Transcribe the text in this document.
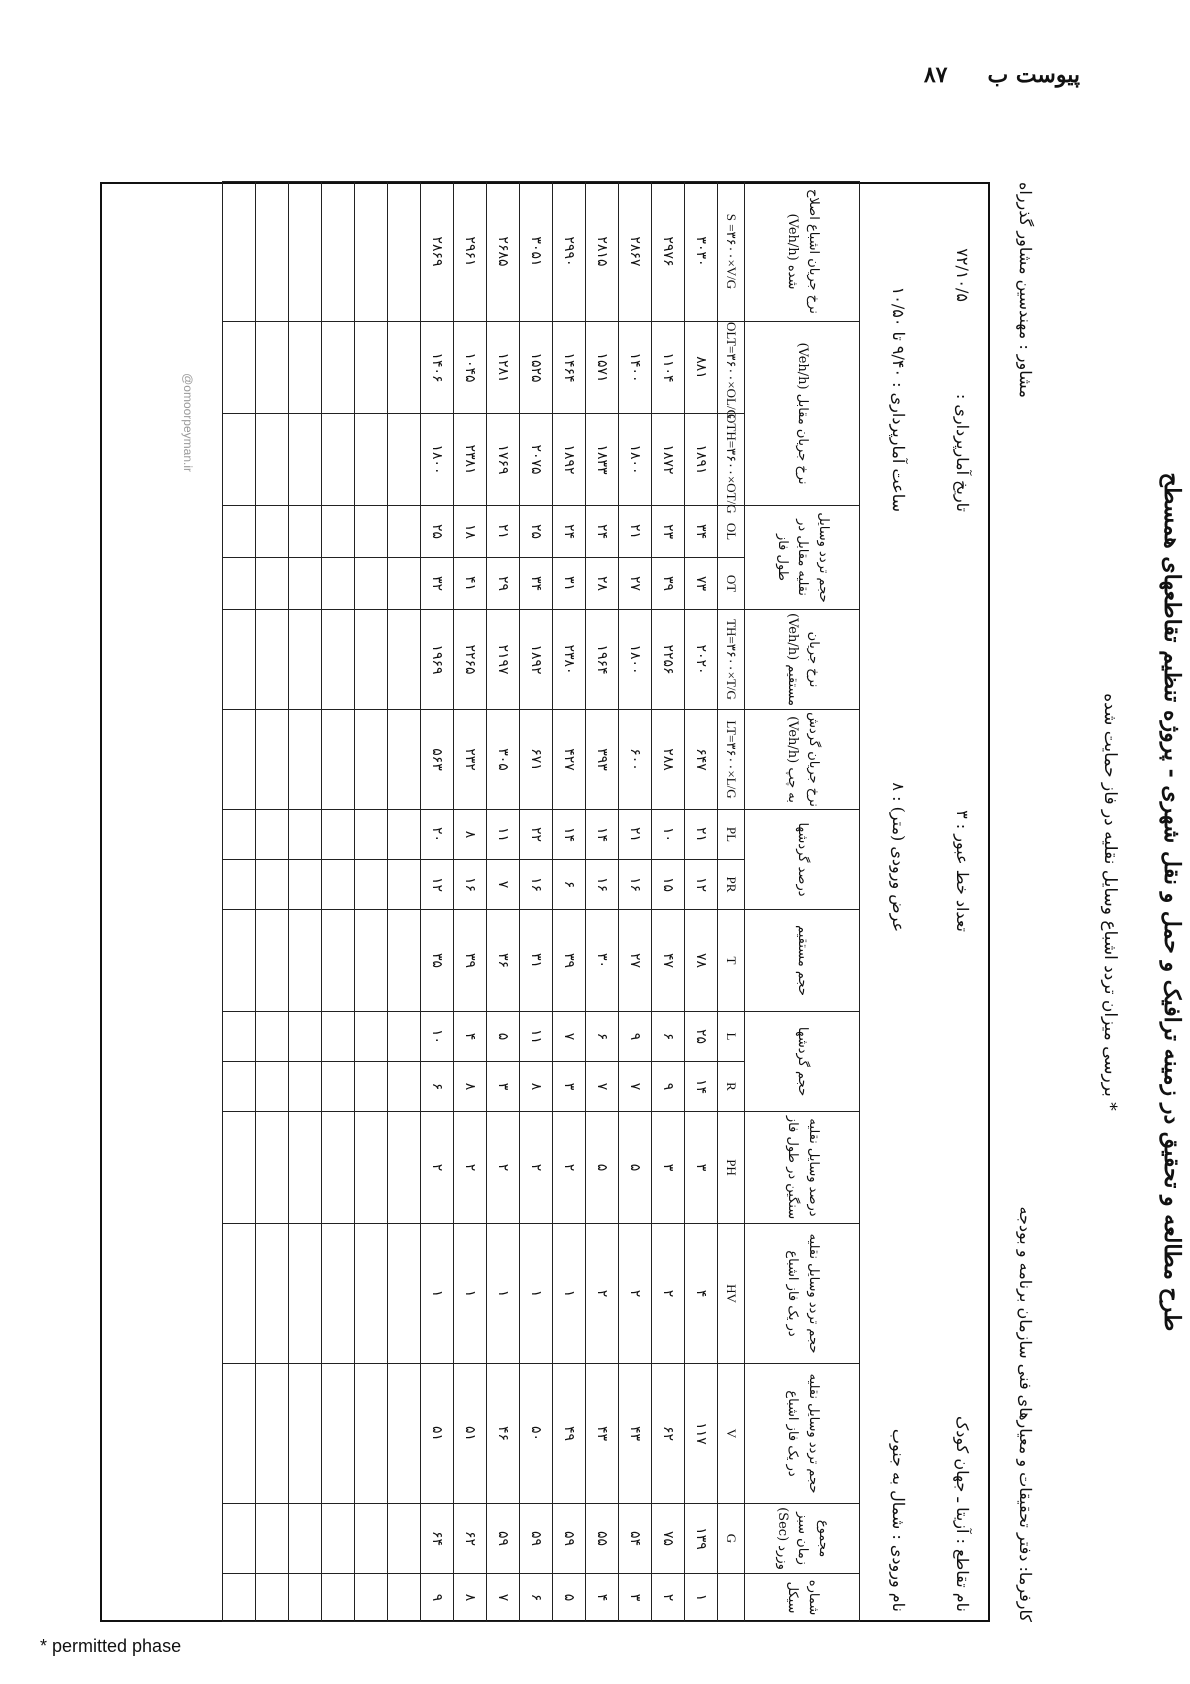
پیوست ب
۸۷
طرح مطالعه و تحقیق در زمینه ترافیک و حمل و نقل شهری - پروژه تنظیم تقاطعهای همسطح
* بررسی میزان تردد اشباع وسایل نقلیه در فاز حمایت شده
کارفرما: دفتر تحقیقات و معیارهای فنی سازمان برنامه و بودجه
مشاور : مهندسین مشاور گذرراه
نام تقاطع : آزیتا ـ جهان کودک
نام ورودی : شمال به جنوب
تعداد خط عبور : ۳
عرض ورودی (متر) : ۸
تاریخ آمارپرداری :
۷۲/۱۰/۵
ساعت آمارپرداری : ۹/۴۰ تا ۱۰/۵۰
شماره سیکل	مجموع زمان سبز وزرد (Sec)	حجم تردد وسایل نقلیه در یک فاز اشباع	حجم تردد وسایل نقلیه در یک فاز اشباع	درصد وسایل نقلیه سنگین در طول فاز	حجم گردشها		حجم مستقیم	درصد گردشها		نرخ جریان گردش به چپ (Veh/h)	نرخ جریان مستقیم (Veh/h)	حجم تردد وسایل نقلیه مقابل در طول فاز		نرخ جریان مقابل (Veh/h)		نرخ جریان اشباع اصلاح شده (Veh/h)
	G	V	HV	PH	R	L	T	PR	PL	LT=۳۶۰۰×L/G	TH=۳۶۰۰×T/G	OT	OL	OTH=۳۶۰۰×OT/G	OLT=۳۶۰۰×OL/G	S =۳۶۰۰×V/G
۱	۱۳۹	۱۱۷	۴	۳	۱۴	۲۵	۷۸	۱۲	۲۱	۶۴۷	۲۰۲۰	۷۳	۳۴	۱۸۹۱	۸۸۱	۳۰۳۰
۲	۷۵	۶۲	۲	۳	۹	۶	۴۷	۱۵	۱۰	۲۸۸	۲۲۵۶	۳۹	۲۳	۱۸۷۲	۱۱۰۴	۲۹۷۶
۳	۵۴	۴۳	۲	۵	۷	۹	۲۷	۱۶	۲۱	۶۰۰	۱۸۰۰	۲۷	۲۱	۱۸۰۰	۱۴۰۰	۲۸۶۷
۴	۵۵	۴۳	۲	۵	۷	۶	۳۰	۱۶	۱۴	۳۹۳	۱۹۶۴	۲۸	۲۴	۱۸۳۳	۱۵۷۱	۲۸۱۵
۵	۵۹	۴۹	۱	۲	۳	۷	۳۹	۶	۱۴	۴۲۷	۲۳۸۰	۳۱	۲۴	۱۸۹۲	۱۴۶۴	۲۹۹۰
۶	۵۹	۵۰	۱	۲	۸	۱۱	۳۱	۱۶	۲۲	۶۷۱	۱۸۹۲	۳۴	۲۵	۲۰۷۵	۱۵۲۵	۳۰۵۱
۷	۵۹	۴۶	۱	۲	۳	۵	۳۶	۷	۱۱	۳۰۵	۲۱۹۷	۲۹	۲۱	۱۷۶۹	۱۲۸۱	۲۶۸۵
۸	۶۲	۵۱	۱	۲	۸	۴	۳۹	۱۶	۸	۲۳۲	۲۲۶۵	۴۱	۱۸	۲۳۸۱	۱۰۴۵	۲۹۶۱
۹	۶۴	۵۱	۱	۲	۶	۱۰	۳۵	۱۲	۲۰	۵۶۳	۱۹۶۹	۳۲	۲۵	۱۸۰۰	۱۴۰۶	۲۸۶۹

@omoorpeyman.ir
* permitted phase
